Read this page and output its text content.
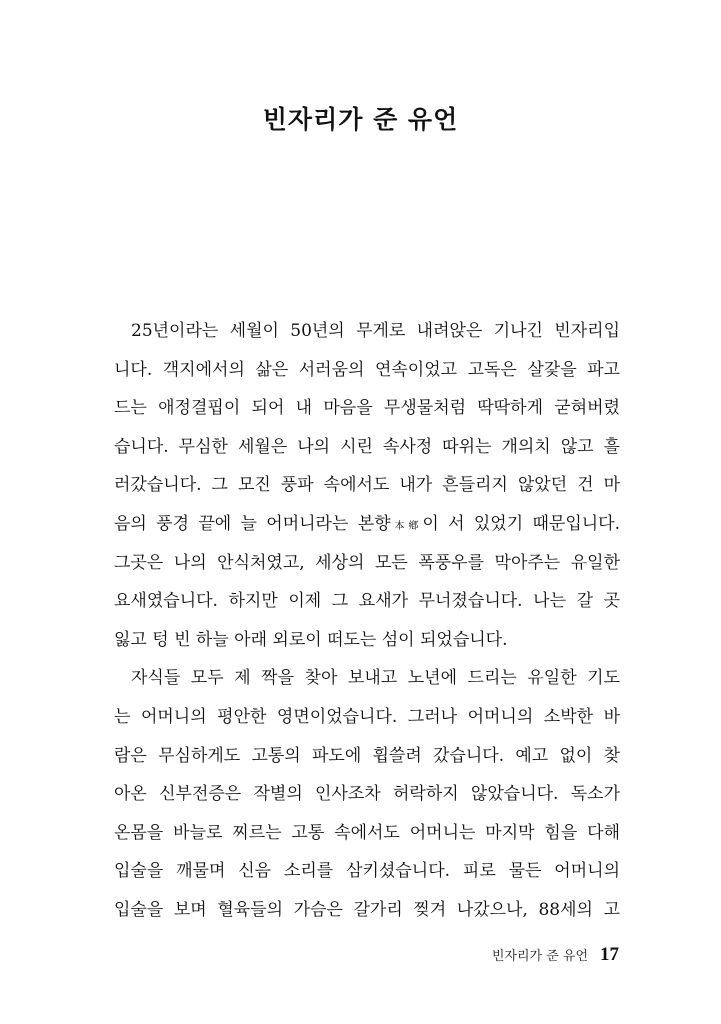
빈자리가 준 유언
25년이라는 세월이 50년의 무게로 내려앉은 기나긴 빈자리입
니다. 객지에서의 삶은 서러움의 연속이었고 고독은 살갗을 파고
드는 애정결핍이 되어 내 마음을 무생물처럼 딱딱하게 굳혀버렸
습니다. 무심한 세월은 나의 시린 속사정 따위는 개의치 않고 흘
러갔습니다. 그 모진 풍파 속에서도 내가 흔들리지 않았던 건 마
음의 풍경 끝에 늘 어머니라는 본향本鄕이 서 있었기 때문입니다.
그곳은 나의 안식처였고, 세상의 모든 폭풍우를 막아주는 유일한
요새였습니다. 하지만 이제 그 요새가 무너졌습니다. 나는 갈 곳
잃고 텅 빈 하늘 아래 외로이 떠도는 섬이 되었습니다.
자식들 모두 제 짝을 찾아 보내고 노년에 드리는 유일한 기도
는 어머니의 평안한 영면이었습니다. 그러나 어머니의 소박한 바
람은 무심하게도 고통의 파도에 휩쓸려 갔습니다. 예고 없이 찾
아온 신부전증은 작별의 인사조차 허락하지 않았습니다. 독소가
온몸을 바늘로 찌르는 고통 속에서도 어머니는 마지막 힘을 다해
입술을 깨물며 신음 소리를 삼키셨습니다. 피로 물든 어머니의
입술을 보며 혈육들의 가슴은 갈가리 찢겨 나갔으나, 88세의 고
빈자리가 준 유언 17
